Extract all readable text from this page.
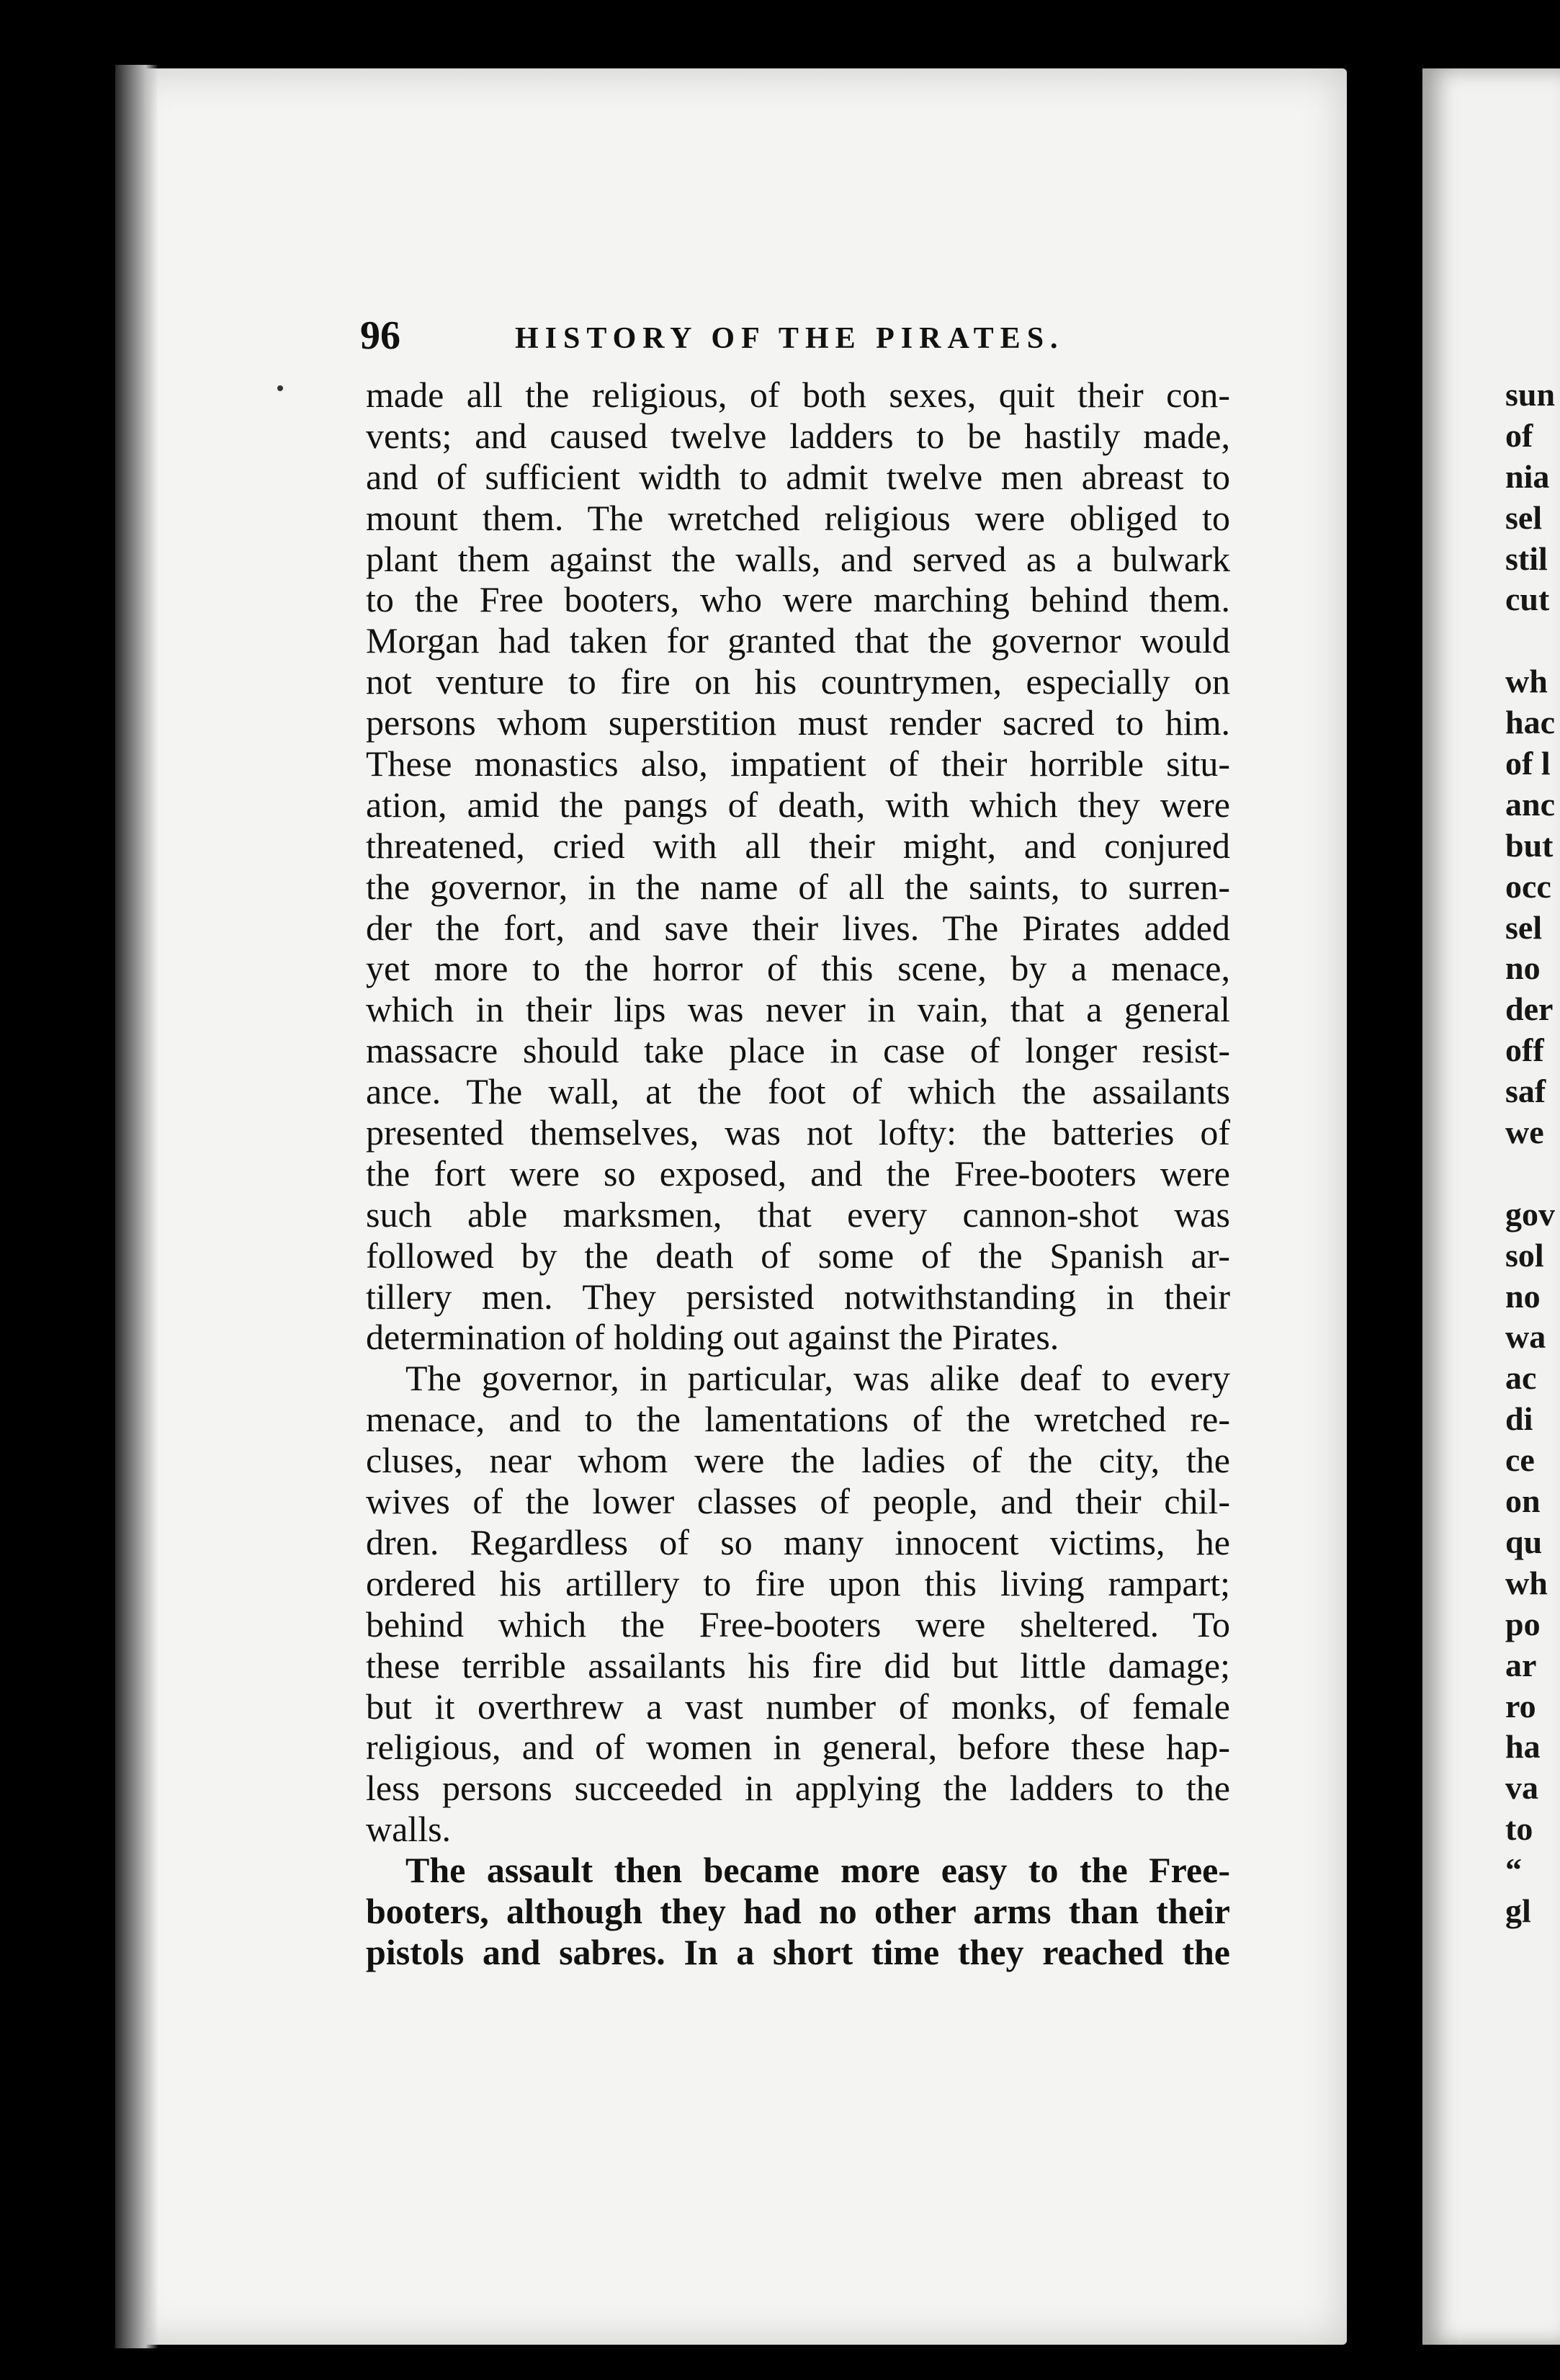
96	HISTORY OF THE PIRATES.
made all the religious, of both sexes, quit their con-
vents; and caused twelve ladders to be hastily made,
and of sufficient width to admit twelve men abreast to
mount them. The wretched religious were obliged to
plant them against the walls, and served as a bulwark
to the Free booters, who were marching behind them.
Morgan had taken for granted that the governor would
not venture to fire on his countrymen, especially on
persons whom superstition must render sacred to him.
These monastics also, impatient of their horrible situ-
ation, amid the pangs of death, with which they were
threatened, cried with all their might, and conjured
the governor, in the name of all the saints, to surren-
der the fort, and save their lives. The Pirates added
yet more to the horror of this scene, by a menace,
which in their lips was never in vain, that a general
massacre should take place in case of longer resist-
ance. The wall, at the foot of which the assailants
presented themselves, was not lofty: the batteries of
the fort were so exposed, and the Free-booters were
such able marksmen, that every cannon-shot was
followed by the death of some of the Spanish ar-
tillery men. They persisted notwithstanding in their
determination of holding out against the Pirates.
The governor, in particular, was alike deaf to every
menace, and to the lamentations of the wretched re-
cluses, near whom were the ladies of the city, the
wives of the lower classes of people, and their chil-
dren. Regardless of so many innocent victims, he
ordered his artillery to fire upon this living rampart;
behind which the Free-booters were sheltered. To
these terrible assailants his fire did but little damage;
but it overthrew a vast number of monks, of female
religious, and of women in general, before these hap-
less persons succeeded in applying the ladders to the
walls.
The assault then became more easy to the Free-
booters, although they had no other arms than their
pistols and sabres. In a short time they reached the
sun
of
nia
sel
stil
cut
wh
hac
of l
anc
but
occ
sel
no
der
off
saf
we
gov
sol
no
wa
ac
di
ce
on
qu
wh
po
ar
ro
ha
va
to
“
gl
